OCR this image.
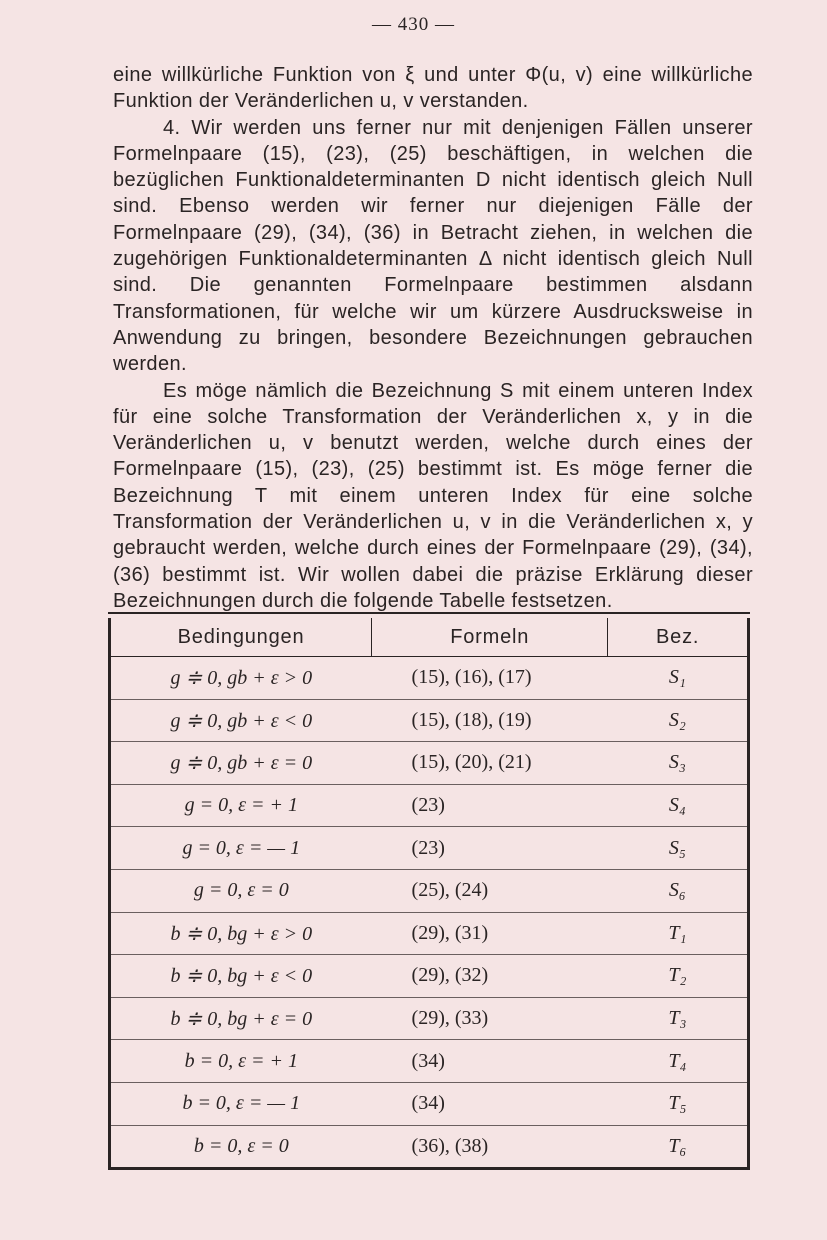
— 430 —

eine willkürliche Funktion von ξ und unter Φ(u, v) eine willkürliche Funktion der Veränderlichen u, v verstanden.

4. Wir werden uns ferner nur mit denjenigen Fällen unserer Formelnpaare (15), (23), (25) beschäftigen, in welchen die bezüglichen Funktionaldeterminanten D nicht identisch gleich Null sind. Ebenso werden wir ferner nur diejenigen Fälle der Formelnpaare (29), (34), (36) in Betracht ziehen, in welchen die zugehörigen Funktionaldeterminanten Δ nicht identisch gleich Null sind. Die genannten Formelnpaare bestimmen alsdann Transformationen, für welche wir um kürzere Ausdrucksweise in Anwendung zu bringen, besondere Bezeichnungen gebrauchen werden.

Es möge nämlich die Bezeichnung S mit einem unteren Index für eine solche Transformation der Veränderlichen x, y in die Veränderlichen u, v benutzt werden, welche durch eines der Formelnpaare (15), (23), (25) bestimmt ist. Es möge ferner die Bezeichnung T mit einem unteren Index für eine solche Transformation der Veränderlichen u, v in die Veränderlichen x, y gebraucht werden, welche durch eines der Formelnpaare (29), (34), (36) bestimmt ist. Wir wollen dabei die präzise Erklärung dieser Bezeichnungen durch die folgende Tabelle festsetzen.

Bedingungen	Formeln	Bez.
g ≑ 0, gb + ε > 0	(15), (16), (17)	S₁
g ≑ 0, gb + ε < 0	(15), (18), (19)	S₂
g ≑ 0, gb + ε = 0	(15), (20), (21)	S₃
g = 0, ε = + 1	(23)	S₄
g = 0, ε = — 1	(23)	S₅
g = 0, ε = 0	(25), (24)	S₆
b ≑ 0, bg + ε > 0	(29), (31)	T₁
b ≑ 0, bg + ε < 0	(29), (32)	T₂
b ≑ 0, bg + ε = 0	(29), (33)	T₃
b = 0, ε = + 1	(34)	T₄
b = 0, ε = — 1	(34)	T₅
b = 0, ε = 0	(36), (38)	T₆
